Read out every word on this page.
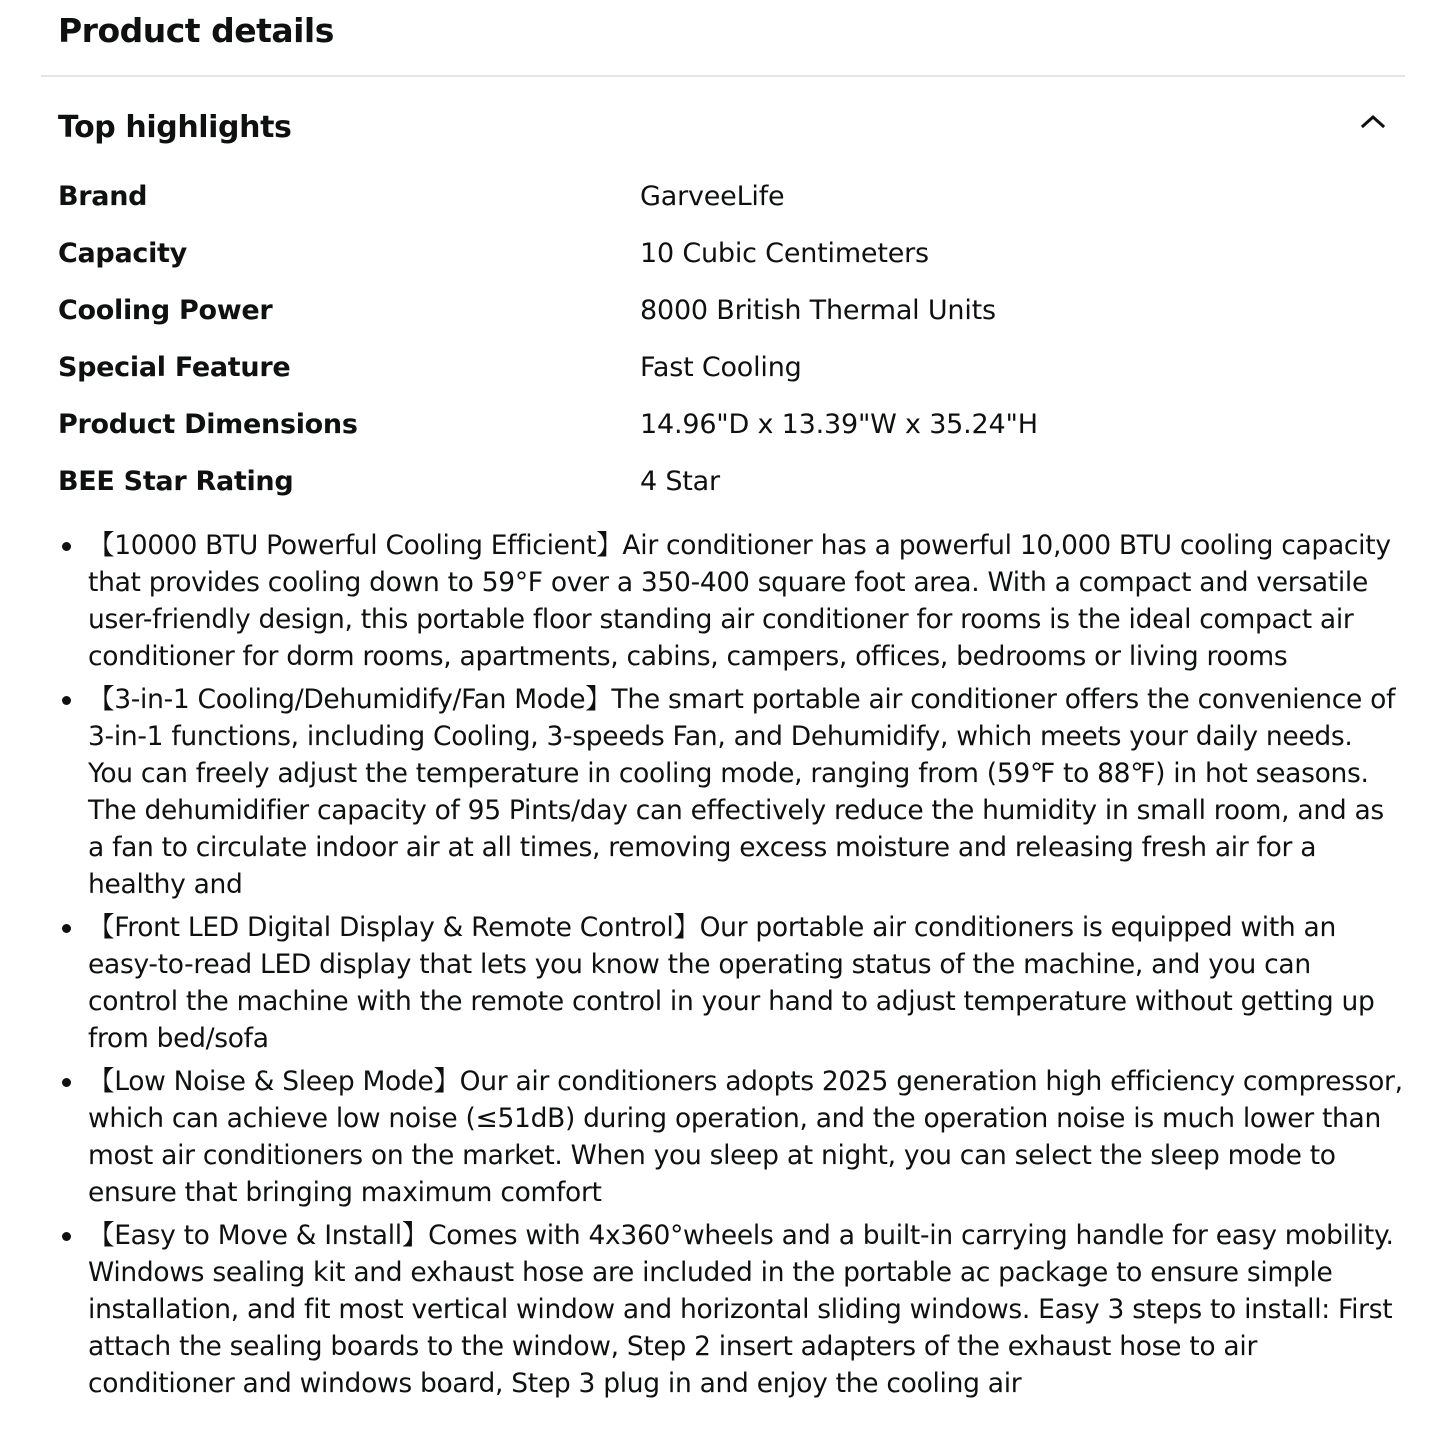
Product details
Top highlights
Brand	GarveeLife
Capacity	10 Cubic Centimeters
Cooling Power	8000 British Thermal Units
Special Feature	Fast Cooling
Product Dimensions	14.96"D x 13.39"W x 35.24"H
BEE Star Rating	4 Star
【10000 BTU Powerful Cooling Efficient】Air conditioner has a powerful 10,000 BTU cooling capacity that provides cooling down to 59°F over a 350-400 square foot area. With a compact and versatile user-friendly design, this portable floor standing air conditioner for rooms is the ideal compact air conditioner for dorm rooms, apartments, cabins, campers, offices, bedrooms or living rooms
【3-in-1 Cooling/Dehumidify/Fan Mode】The smart portable air conditioner offers the convenience of 3-in-1 functions, including Cooling, 3-speeds Fan, and Dehumidify, which meets your daily needs. You can freely adjust the temperature in cooling mode, ranging from (59℉ to 88℉) in hot seasons. The dehumidifier capacity of 95 Pints/day can effectively reduce the humidity in small room, and as a fan to circulate indoor air at all times, removing excess moisture and releasing fresh air for a healthy and
【Front LED Digital Display & Remote Control】Our portable air conditioners is equipped with an easy-to-read LED display that lets you know the operating status of the machine, and you can control the machine with the remote control in your hand to adjust temperature without getting up from bed/sofa
【Low Noise & Sleep Mode】Our air conditioners adopts 2025 generation high efficiency compressor, which can achieve low noise (≤51dB) during operation, and the operation noise is much lower than most air conditioners on the market. When you sleep at night, you can select the sleep mode to ensure that bringing maximum comfort
【Easy to Move & Install】Comes with 4x360°wheels and a built-in carrying handle for easy mobility. Windows sealing kit and exhaust hose are included in the portable ac package to ensure simple installation, and fit most vertical window and horizontal sliding windows. Easy 3 steps to install: First attach the sealing boards to the window, Step 2 insert adapters of the exhaust hose to air conditioner and windows board, Step 3 plug in and enjoy the cooling air
